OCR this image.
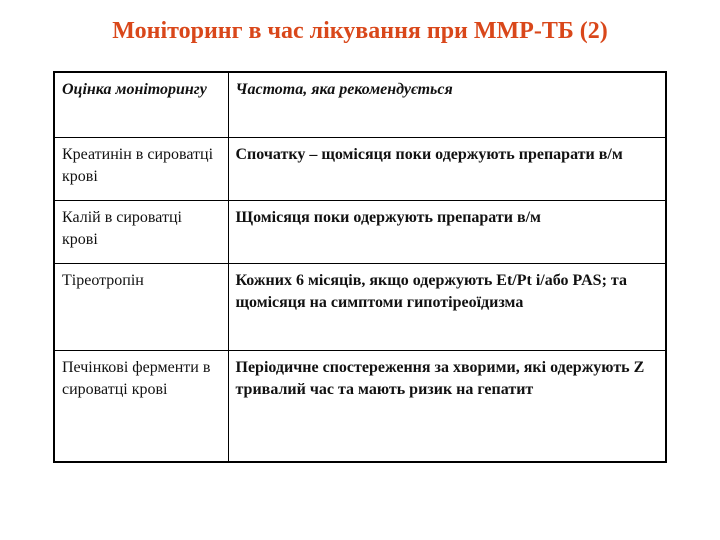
Моніторинг в час лікування при ММР-ТБ (2)
Оцінка моніторингу	Частота, яка рекомендується
Креатинін в сироватці крові	Спочатку – щомісяця поки одержують препарати в/м
Калій в сироватці крові	Щомісяця поки одержують препарати в/м
Тіреотропін	Кожних 6 місяців, якщо одержують Et/Pt і/або PAS; та щомісяця на симптоми гипотіреоїдизма
Печінкові ферменти в сироватці крові	Періодичне спостереження за хворими, які одержують Z тривалий час та мають ризик на гепатит
